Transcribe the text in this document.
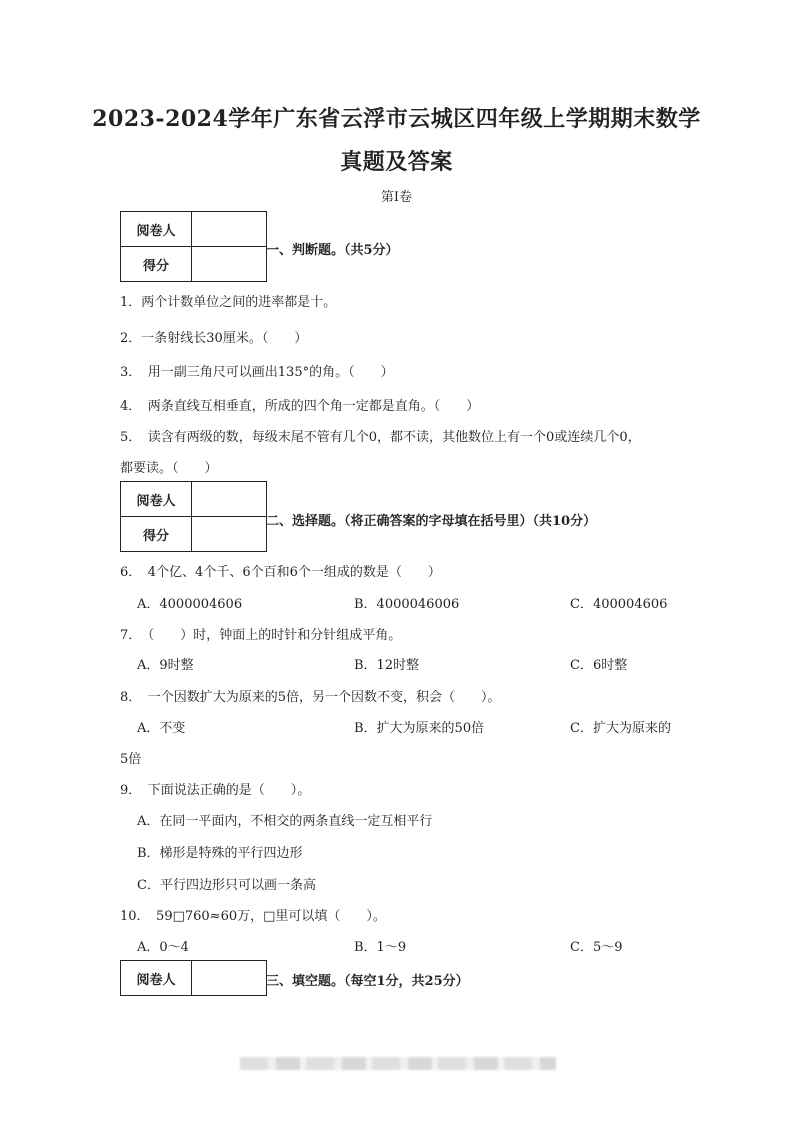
2023-2024学年广东省云浮市云城区四年级上学期期末数学
真题及答案
第Ⅰ卷
阅卷人	
得分	
一、判断题。（共5分）
1．两个计数单位之间的进率都是十。
2．一条射线长30厘米。（　　）
3．　用一副三角尺可以画出135°的角。（　　）
4．　两条直线互相垂直，所成的四个角一定都是直角。（　　）
5．　读含有两级的数，每级末尾不管有几个0，都不读，其他数位上有一个0或连续几个0，
都要读。（　　）
阅卷人	
得分	
二、选择题。（将正确答案的字母填在括号里）（共10分）
6．　4个亿、4个千、6个百和6个一组成的数是（　　）
A．4000004606	B．4000046006	C．400004606
7．　（　　）时，钟面上的时针和分针组成平角。
A．9时整	B．12时整	C．6时整
8．　一个因数扩大为原来的5倍，另一个因数不变，积会（　　）。
A．不变	B．扩大为原来的50倍	C．扩大为原来的
5倍
9．　下面说法正确的是（　　）。
A．在同一平面内，不相交的两条直线一定互相平行
B．梯形是特殊的平行四边形
C．平行四边形只可以画一条高
10．　59□760≈60万，□里可以填（　　）。
A．0～4	B．1～9	C．5～9
阅卷人		三、填空题。（每空1分，共25分）
